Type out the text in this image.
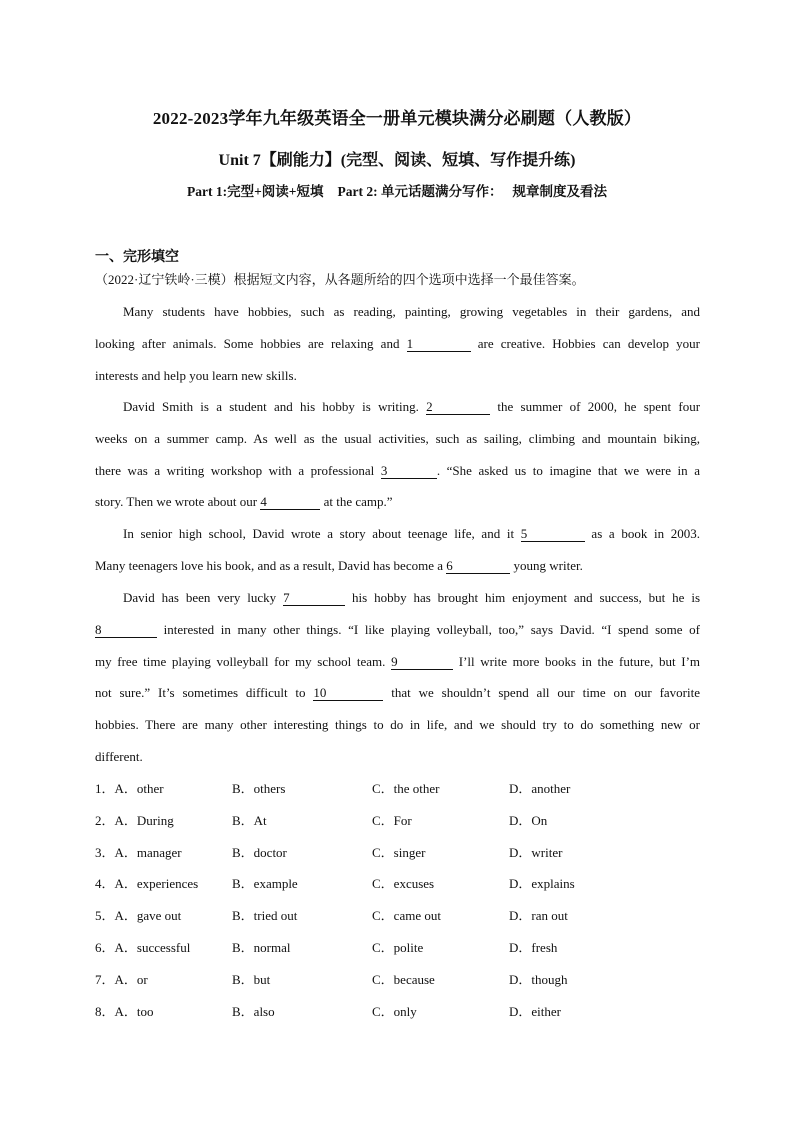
2022-2023学年九年级英语全一册单元模块满分必刷题（人教版）
Unit 7【刷能力】(完型、阅读、短填、写作提升练)
Part 1:完型+阅读+短填 Part 2: 单元话题满分写作： 规章制度及看法
一、完形填空
（2022·辽宁铁岭·三模）根据短文内容，从各题所给的四个选项中选择一个最佳答案。
Many students have hobbies, such as reading, painting, growing vegetables in their gardens, and
looking after animals. Some hobbies are relaxing and 1	are creative. Hobbies can develop your
interests and help you learn new skills.
David Smith is a student and his hobby is writing. 2	the summer of 2000, he spent four
weeks on a summer camp. As well as the usual activities, such as sailing, climbing and mountain biking,
there was a writing workshop with a professional 3	. “She asked us to imagine that we were in a
story. Then we wrote about our 4	at the camp.”
In senior high school, David wrote a story about teenage life, and it 5	as a book in 2003.
Many teenagers love his book, and as a result, David has become a 6	young writer.
David has been very lucky 7	his hobby has brought him enjoyment and success, but he is
8	interested in many other things. “I like playing volleyball, too,” says David. “I spend some of
my free time playing volleyball for my school team. 9	I’ll write more books in the future, but I’m
not sure.” It’s sometimes difficult to 10	that we shouldn’t spend all our time on our favorite
hobbies. There are many other interesting things to do in life, and we should try to do something new or
different.
1．A．other	B．others	C．the other	D．another
2．A．During	B．At	C．For	D．On
3．A．manager	B．doctor	C．singer	D．writer
4．A．experiences	B．example	C．excuses	D．explains
5．A．gave out	B．tried out	C．came out	D．ran out
6．A．successful	B．normal	C．polite	D．fresh
7．A．or	B．but	C．because	D．though
8．A．too	B．also	C．only	D．either
